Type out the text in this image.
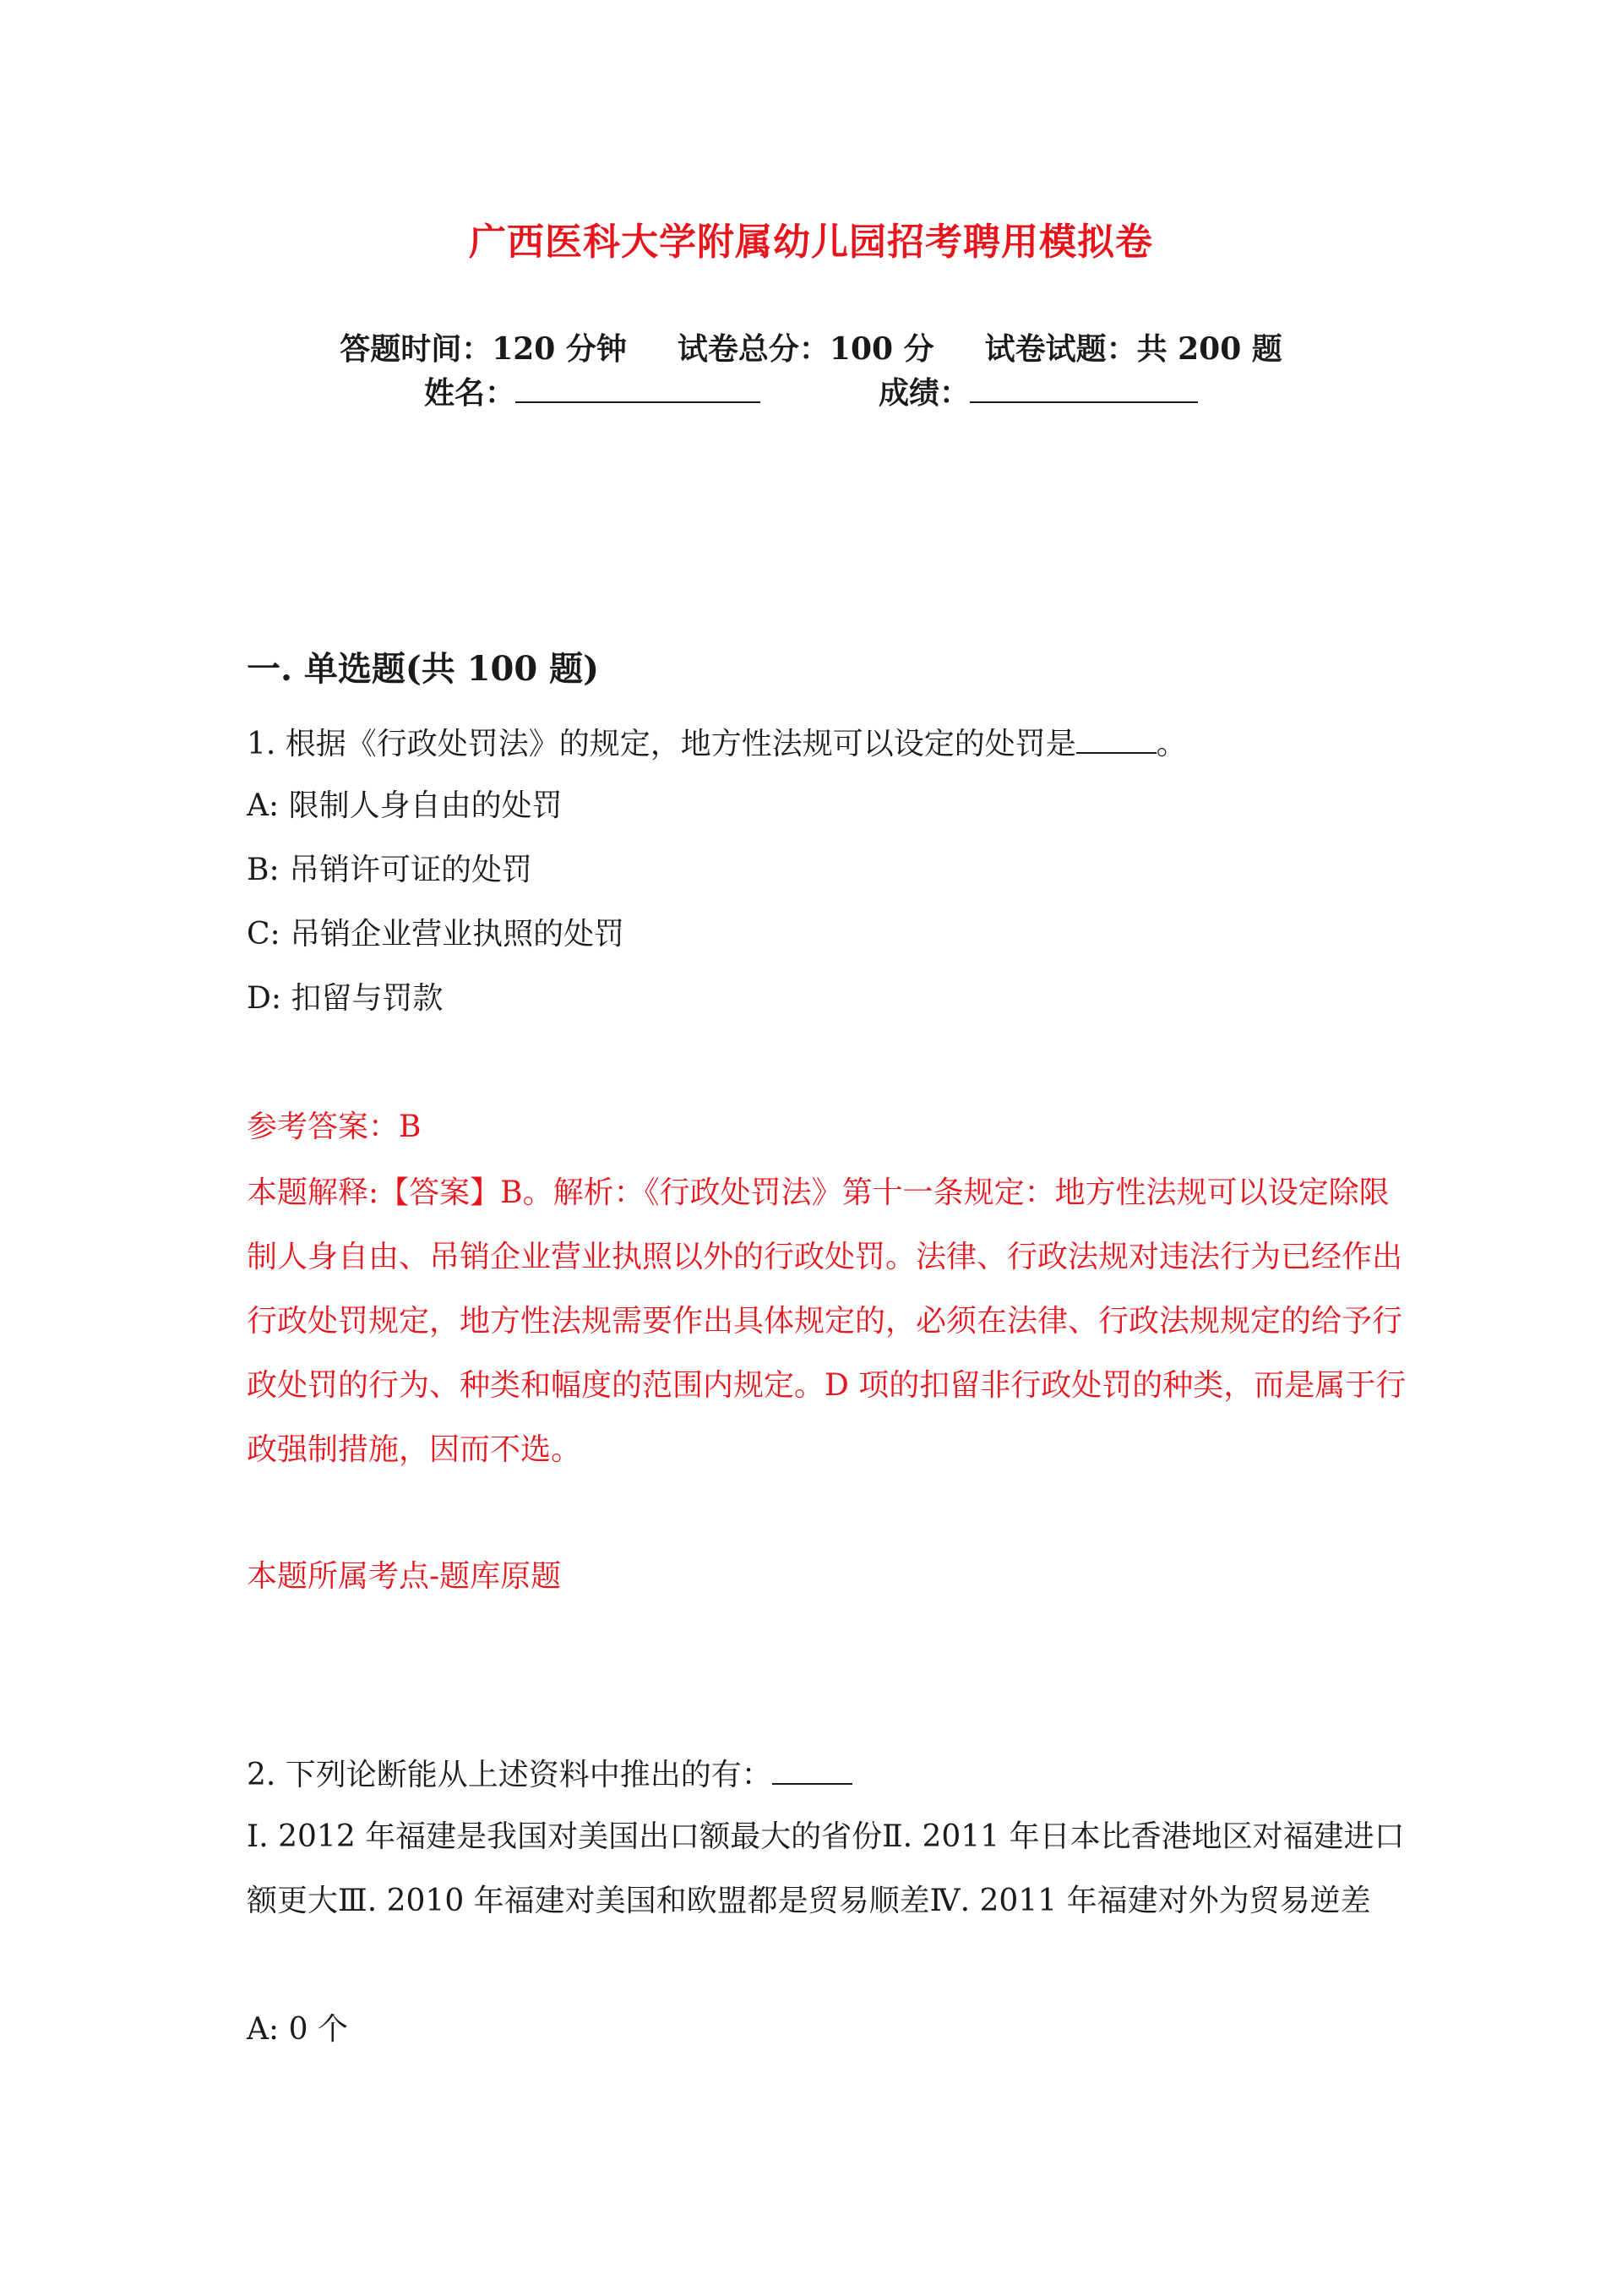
广西医科大学附属幼儿园招考聘用模拟卷
答题时间：120 分钟 试卷总分：100 分 试卷试题：共 200 题
姓名：	成绩：
一. 单选题(共 100 题)
1. 根据《行政处罚法》的规定，地方性法规可以设定的处罚是	。
A: 限制人身自由的处罚
B: 吊销许可证的处罚
C: 吊销企业营业执照的处罚
D: 扣留与罚款
参考答案：B
本题解释:【答案】B。解析：《行政处罚法》第十一条规定：地方性法规可以设定除限制人身自由、吊销企业营业执照以外的行政处罚。法律、行政法规对违法行为已经作出行政处罚规定，地方性法规需要作出具体规定的，必须在法律、行政法规规定的给予行政处罚的行为、种类和幅度的范围内规定。D 项的扣留非行政处罚的种类，而是属于行政强制措施，因而不选。
本题所属考点-题库原题
2. 下列论断能从上述资料中推出的有：
Ⅰ. 2012 年福建是我国对美国出口额最大的省份Ⅱ. 2011 年日本比香港地区对福建进口额更大Ⅲ. 2010 年福建对美国和欧盟都是贸易顺差Ⅳ. 2011 年福建对外为贸易逆差
A: 0 个
